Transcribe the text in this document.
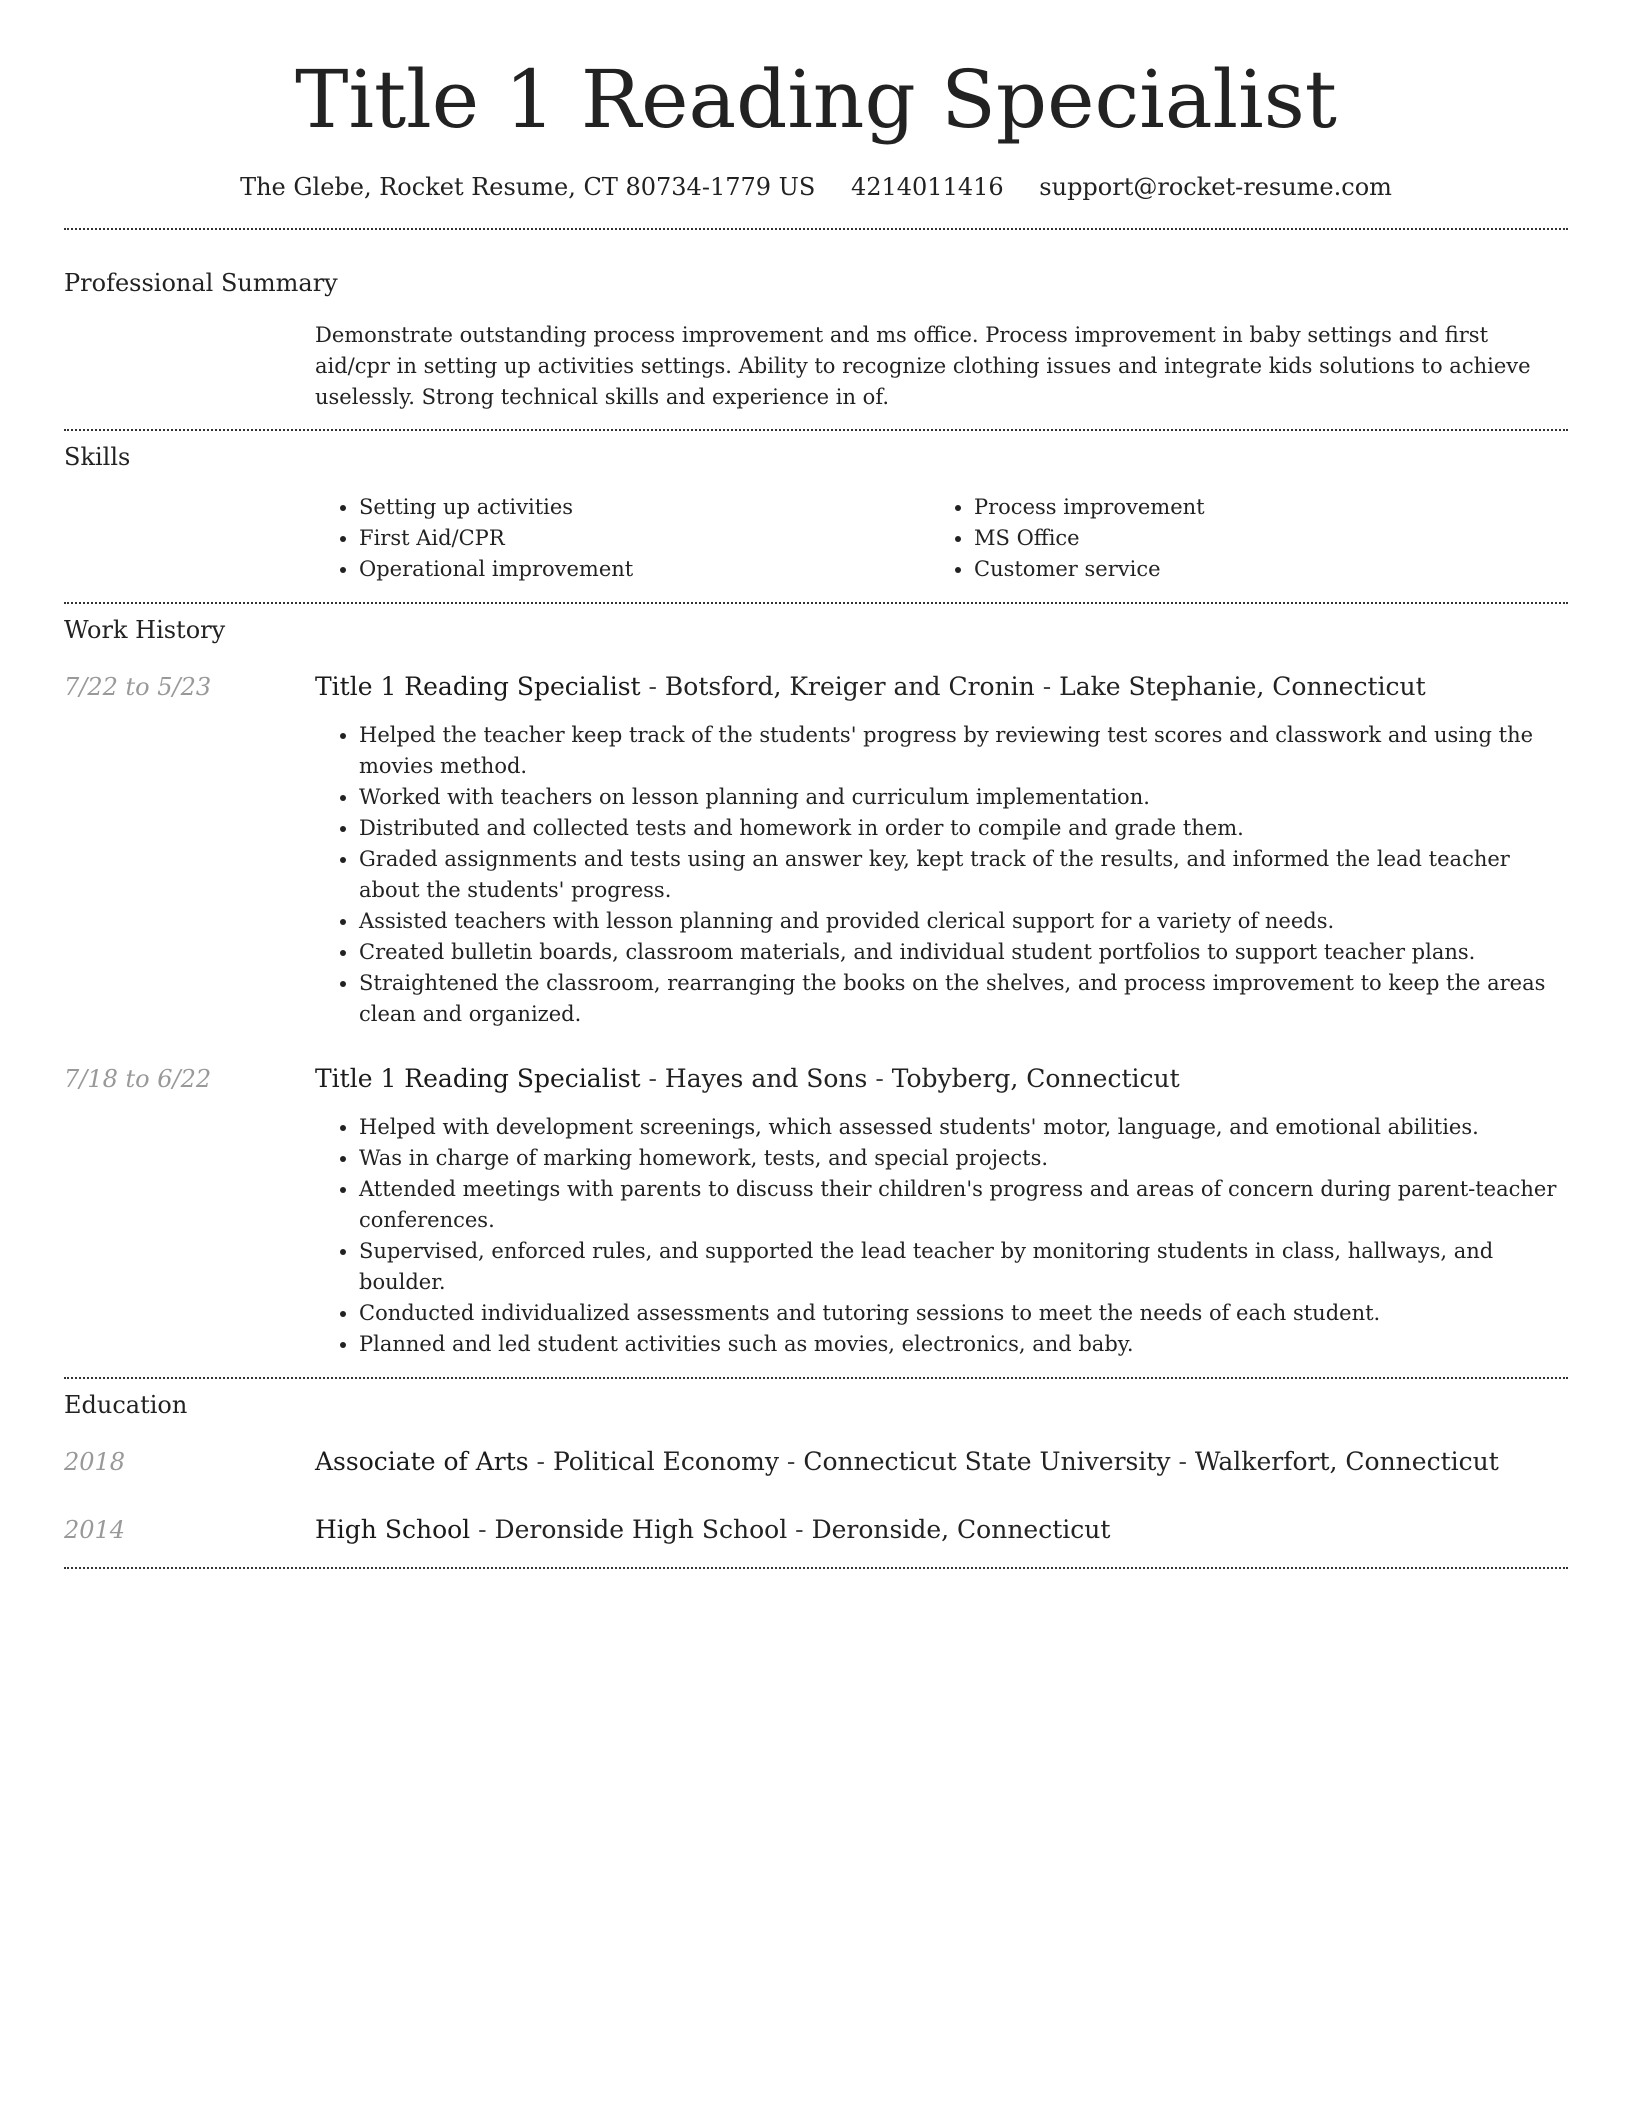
Title 1 Reading Specialist
The Glebe, Rocket Resume, CT 80734-1779 US 4214011416 support@rocket-resume.com
Professional Summary
Demonstrate outstanding process improvement and ms office. Process improvement in baby settings and first aid/cpr in setting up activities settings. Ability to recognize clothing issues and integrate kids solutions to achieve uselessly. Strong technical skills and experience in of.
Skills
• Setting up activities
• First Aid/CPR
• Operational improvement
• Process improvement
• MS Office
• Customer service
Work History
7/22 to 5/23	Title 1 Reading Specialist - Botsford, Kreiger and Cronin - Lake Stephanie, Connecticut
• Helped the teacher keep track of the students' progress by reviewing test scores and classwork and using the movies method.
• Worked with teachers on lesson planning and curriculum implementation.
• Distributed and collected tests and homework in order to compile and grade them.
• Graded assignments and tests using an answer key, kept track of the results, and informed the lead teacher about the students' progress.
• Assisted teachers with lesson planning and provided clerical support for a variety of needs.
• Created bulletin boards, classroom materials, and individual student portfolios to support teacher plans.
• Straightened the classroom, rearranging the books on the shelves, and process improvement to keep the areas clean and organized.
7/18 to 6/22	Title 1 Reading Specialist - Hayes and Sons - Tobyberg, Connecticut
• Helped with development screenings, which assessed students' motor, language, and emotional abilities.
• Was in charge of marking homework, tests, and special projects.
• Attended meetings with parents to discuss their children's progress and areas of concern during parent-teacher conferences.
• Supervised, enforced rules, and supported the lead teacher by monitoring students in class, hallways, and boulder.
• Conducted individualized assessments and tutoring sessions to meet the needs of each student.
• Planned and led student activities such as movies, electronics, and baby.
Education
2018	Associate of Arts - Political Economy - Connecticut State University - Walkerfort, Connecticut
2014	High School - Deronside High School - Deronside, Connecticut
